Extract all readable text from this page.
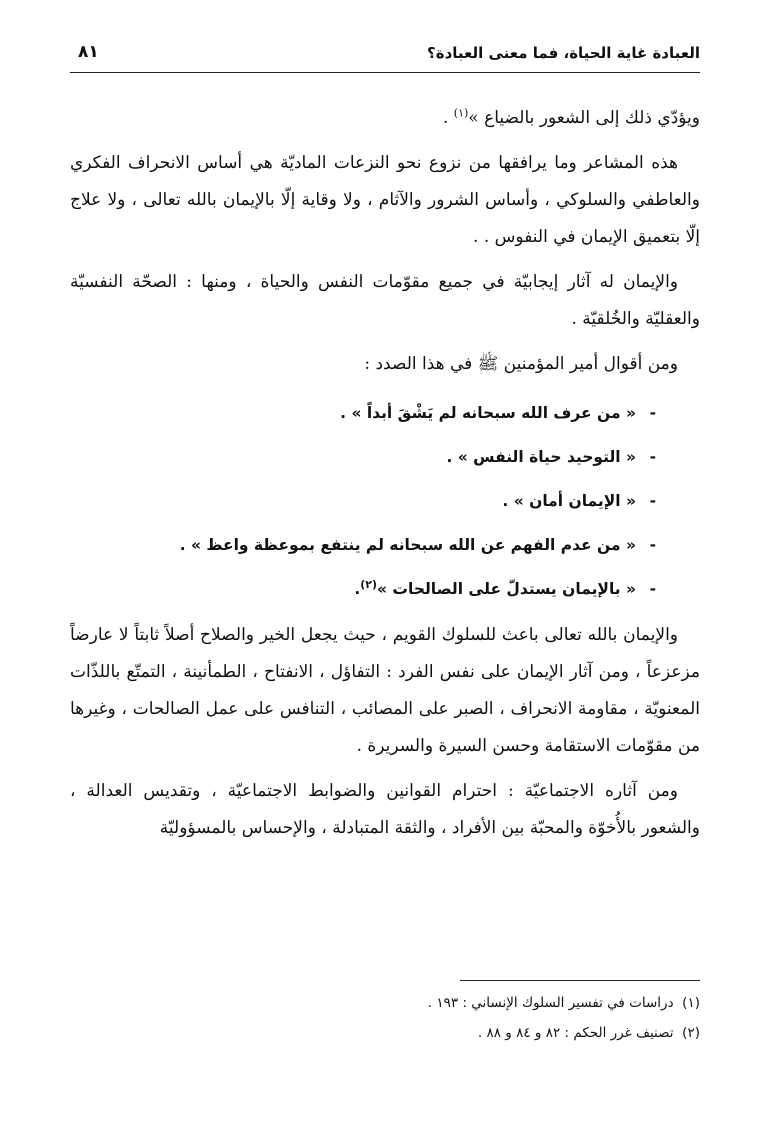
العبادة غاية الحياة، فما معنى العبادة؟
٨١

ويؤدّي ذلك إلى الشعور بالضياع »$^{(١)}$ .

هذه المشاعر وما يرافقها من نزوع نحو النزعات الماديّة هي أساس الانحراف الفكري والعاطفي والسلوكي ، وأساس الشرور والآثام ، ولا وقاية إلّا بالإيمان بالله تعالى ، ولا علاج إلّا بتعميق الإيمان في النفوس . .

والإيمان له آثار إيجابيّة في جميع مقوّمات النفس والحياة ، ومنها : الصحّة النفسيّة والعقليّة والخُلقيّة .

ومن أقوال أمير المؤمنين ﷺ في هذا الصدد :

-
« من عرف الله سبحانه لم يَشْقَ أبداً » .
-
« التوحيد حياة النفس » .
-
« الإيمان أمان » .
-
« من عدم الفهم عن الله سبحانه لم ينتفع بموعظة واعظ » .
-
« بالإيمان يستدلّ على الصالحات »$^{(٢)}$.

والإيمان بالله تعالى باعث للسلوك القويم ، حيث يجعل الخير والصلاح أصلاً ثابتاً لا عارضاً مزعزعاً ، ومن آثار الإيمان على نفس الفرد : التفاؤل ، الانفتاح ، الطمأنينة ، التمتّع باللذّات المعنويّة ، مقاومة الانحراف ، الصبر على المصائب ، التنافس على عمل الصالحات ، وغيرها من مقوّمات الاستقامة وحسن السيرة والسريرة .

ومن آثاره الاجتماعيّة : احترام القوانين والضوابط الاجتماعيّة ، وتقديس العدالة ، والشعور بالأُخوّة والمحبّة بين الأفراد ، والثقة المتبادلة ، والإحساس بالمسؤوليّة

(١)  دراسات في تفسير السلوك الإنساني : ١٩٣ .
(٢)  تصنيف غرر الحكم : ٨٢ و ٨٤ و ٨٨ .
